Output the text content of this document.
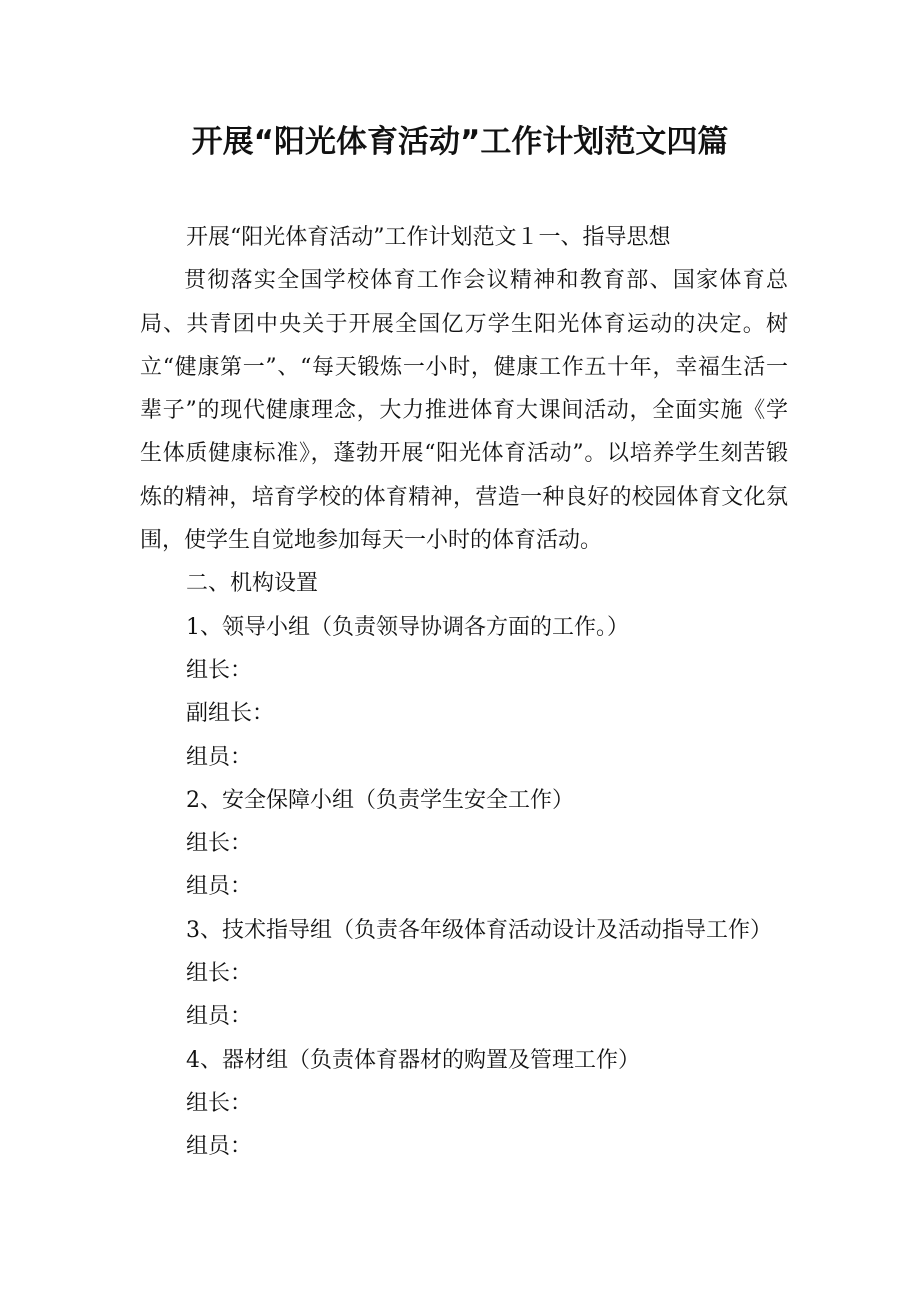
开展“阳光体育活动”工作计划范文四篇

开展“阳光体育活动”工作计划范文１一、指导思想

贯彻落实全国学校体育工作会议精神和教育部、国家体育总局、共青团中央关于开展全国亿万学生阳光体育运动的决定。树立“健康第一”、“每天锻炼一小时，健康工作五十年，幸福生活一辈子”的现代健康理念，大力推进体育大课间活动，全面实施《学生体质健康标准》，蓬勃开展“阳光体育活动”。以培养学生刻苦锻炼的精神，培育学校的体育精神，营造一种良好的校园体育文化氛围，使学生自觉地参加每天一小时的体育活动。

二、机构设置

1、领导小组（负责领导协调各方面的工作。）

组长：

副组长：

组员：

2、安全保障小组（负责学生安全工作）

组长：

组员：

3、技术指导组（负责各年级体育活动设计及活动指导工作）

组长：

组员：

4、器材组（负责体育器材的购置及管理工作）

组长：

组员：
